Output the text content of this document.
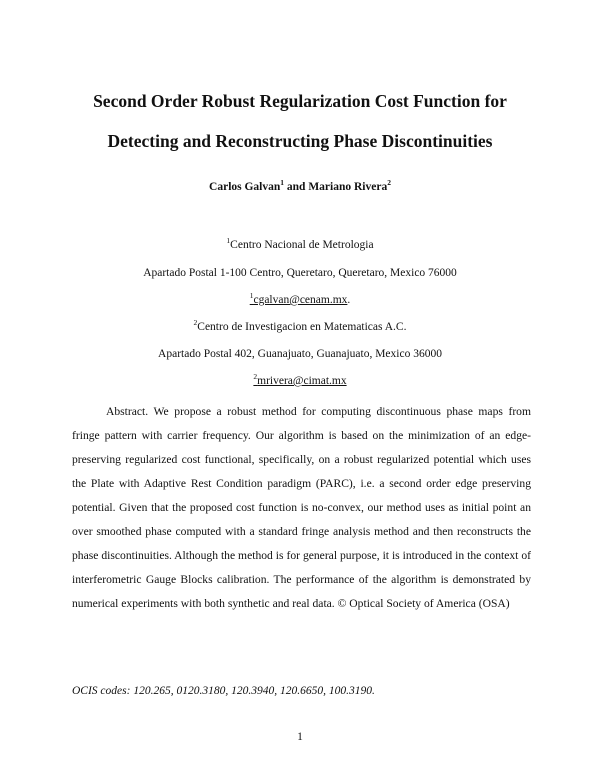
Second Order Robust Regularization Cost Function for
Detecting and Reconstructing Phase Discontinuities
Carlos Galvan$^1$ and Mariano Rivera$^2$
$^1$Centro Nacional de Metrologia
Apartado Postal 1-100 Centro, Queretaro, Queretaro, Mexico 76000
$^1$cgalvan@cenam.mx.
$^2$Centro de Investigacion en Matematicas A.C.
Apartado Postal 402, Guanajuato, Guanajuato, Mexico 36000
$^2$mrivera@cimat.mx

Abstract. We propose a robust method for computing discontinuous phase maps from fringe pattern with carrier frequency. Our algorithm is based on the minimization of an edge-preserving regularized cost functional, specifically, on a robust regularized potential which uses the Plate with Adaptive Rest Condition paradigm (PARC), i.e. a second order edge preserving potential. Given that the proposed cost function is no-convex, our method uses as initial point an over smoothed phase computed with a standard fringe analysis method and then reconstructs the phase discontinuities. Although the method is for general purpose, it is introduced in the context of interferometric Gauge Blocks calibration. The performance of the algorithm is demonstrated by numerical experiments with both synthetic and real data. © Optical Society of America (OSA)

OCIS codes: 120.265, 0120.3180, 120.3940, 120.6650, 100.3190.
1
